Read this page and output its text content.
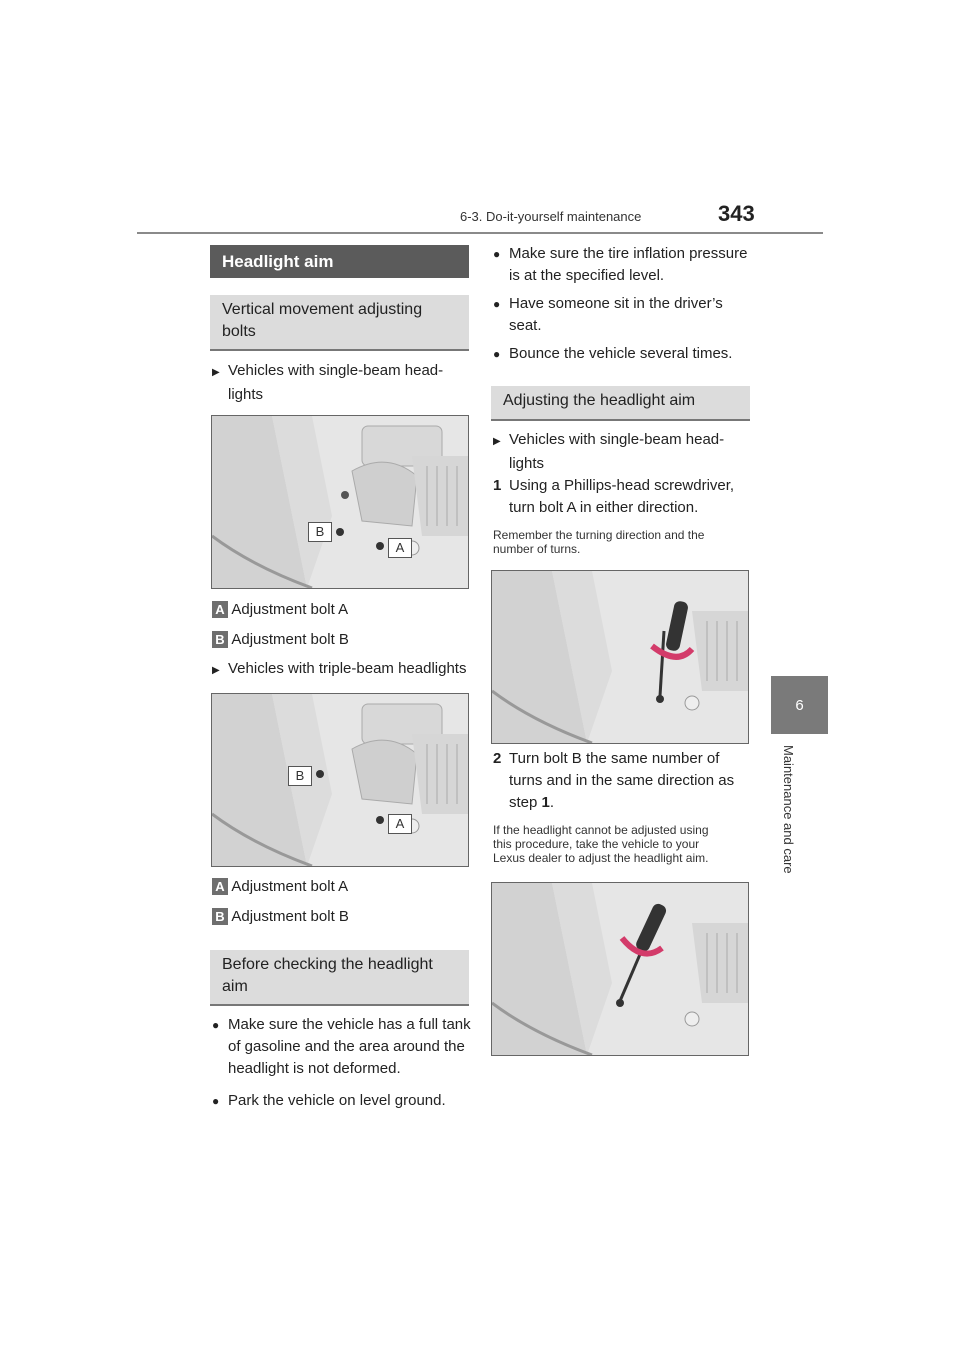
6-3. Do-it-yourself maintenance	343
6
Maintenance and care
Headlight aim
Vertical movement adjusting bolts
▶ Vehicles with single-beam head-
lights
B
A
A Adjustment bolt A
B Adjustment bolt B
▶ Vehicles with triple-beam headlights
B
A
A Adjustment bolt A
B Adjustment bolt B
Before checking the headlight aim
● Make sure the vehicle has a full tank
of gasoline and the area around the
headlight is not deformed.
● Park the vehicle on level ground.
● Make sure the tire inflation pressure
is at the specified level.
● Have someone sit in the driver’s
seat.
● Bounce the vehicle several times.
Adjusting the headlight aim
▶ Vehicles with single-beam head-
lights
1 Using a Phillips-head screwdriver,
turn bolt A in either direction.
Remember the turning direction and the
number of turns.
2 Turn bolt B the same number of
turns and in the same direction as
step 1.
If the headlight cannot be adjusted using
this procedure, take the vehicle to your
Lexus dealer to adjust the headlight aim.
